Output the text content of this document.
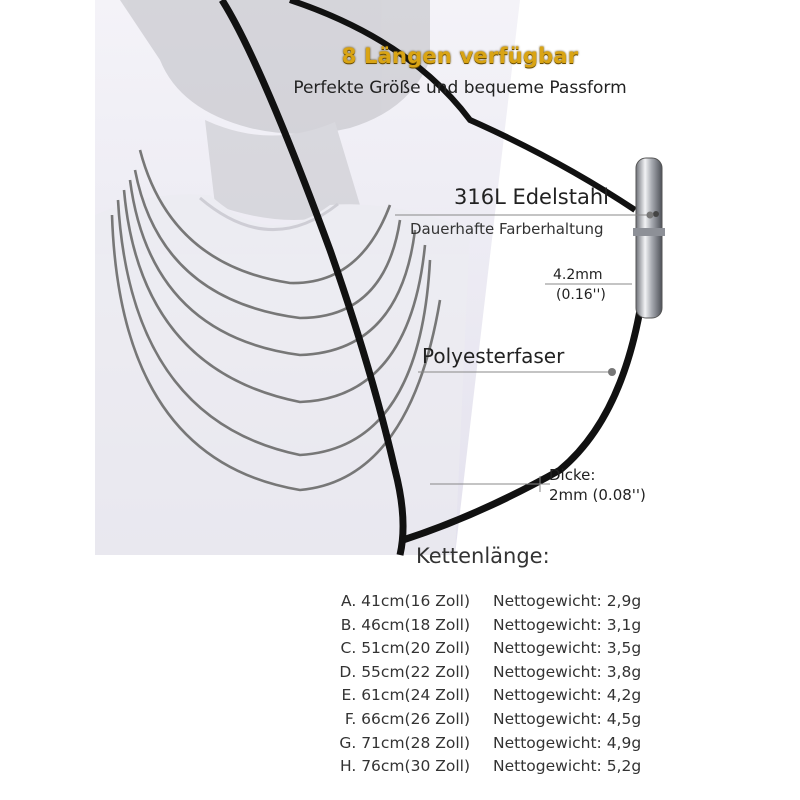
8 Längen verfügbar
Perfekte Größe und bequeme Passform
316L Edelstahl
Dauerhafte Farberhaltung
4.2mm
(0.16'')
Polyesterfaser
Dicke:
2mm (0.08'')
Kettenlänge:
A. 41cm(16 Zoll) Nettogewicht: 2,9g
B. 46cm(18 Zoll) Nettogewicht: 3,1g
C. 51cm(20 Zoll) Nettogewicht: 3,5g
D. 55cm(22 Zoll) Nettogewicht: 3,8g
E. 61cm(24 Zoll) Nettogewicht: 4,2g
F. 66cm(26 Zoll) Nettogewicht: 4,5g
G. 71cm(28 Zoll) Nettogewicht: 4,9g
H. 76cm(30 Zoll) Nettogewicht: 5,2g
